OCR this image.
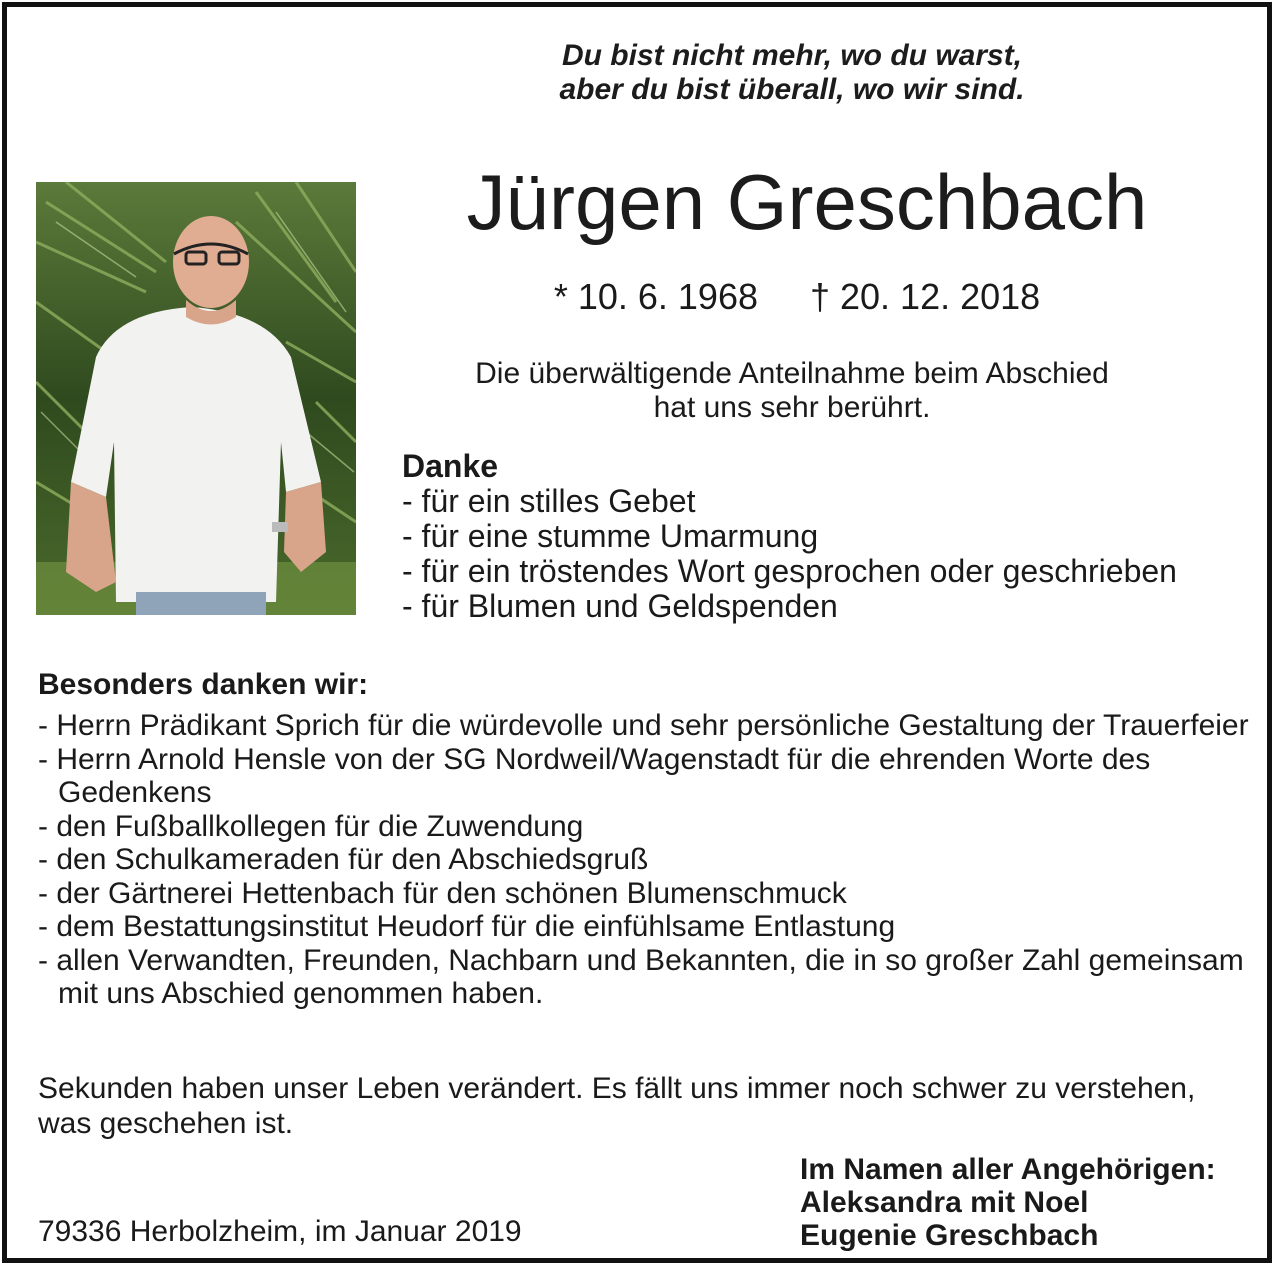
Du bist nicht mehr, wo du warst,
aber du bist überall, wo wir sind.
Jürgen Greschbach
* 10. 6. 1968 † 20. 12. 2018
Die überwältigende Anteilnahme beim Abschied
hat uns sehr berührt.
Danke
- für ein stilles Gebet
- für eine stumme Umarmung
- für ein tröstendes Wort gesprochen oder geschrieben
- für Blumen und Geldspenden
Besonders danken wir:
- Herrn Prädikant Sprich für die würdevolle und sehr persönliche Gestaltung der Trauerfeier
- Herrn Arnold Hensle von der SG Nordweil/Wagenstadt für die ehrenden Worte des Gedenkens
- den Fußballkollegen für die Zuwendung
- den Schulkameraden für den Abschiedsgruß
- der Gärtnerei Hettenbach für den schönen Blumenschmuck
- dem Bestattungsinstitut Heudorf für die einfühlsame Entlastung
- allen Verwandten, Freunden, Nachbarn und Bekannten, die in so großer Zahl gemeinsam mit uns Abschied genommen haben.
Sekunden haben unser Leben verändert. Es fällt uns immer noch schwer zu verstehen, was geschehen ist.
Im Namen aller Angehörigen:
Aleksandra mit Noel
Eugenie Greschbach
79336 Herbolzheim, im Januar 2019
